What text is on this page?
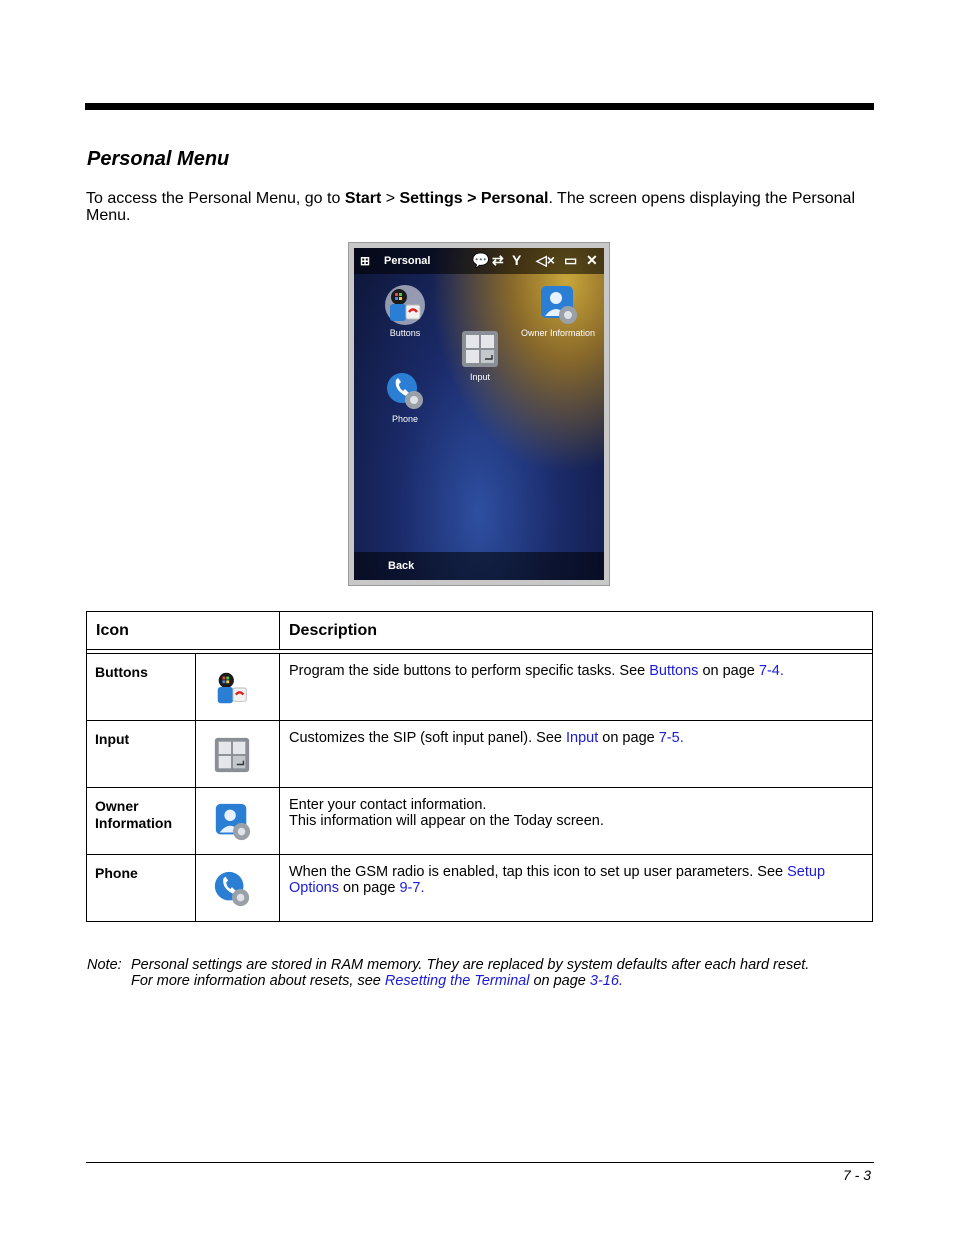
Personal Menu

To access the Personal Menu, go to Start > Settings > Personal. The screen opens displaying the Personal Menu.

⊞ Personal	💬 ⇄ Y ◁× ▭ ✕
Buttons	Owner Information
Input
Phone
Back
Icon		Description

Buttons		Program the side buttons to perform specific tasks. See Buttons on page 7-4.
Input		Customizes the SIP (soft input panel). See Input on page 7-5.
Owner Information		Enter your contact information.
This information will appear on the Today screen.
Phone		When the GSM radio is enabled, tap this icon to set up user parameters. See Setup Options on page 9-7.
Note: Personal settings are stored in RAM memory. They are replaced by system defaults after each hard reset.
For more information about resets, see Resetting the Terminal on page 3-16.
7 - 3
